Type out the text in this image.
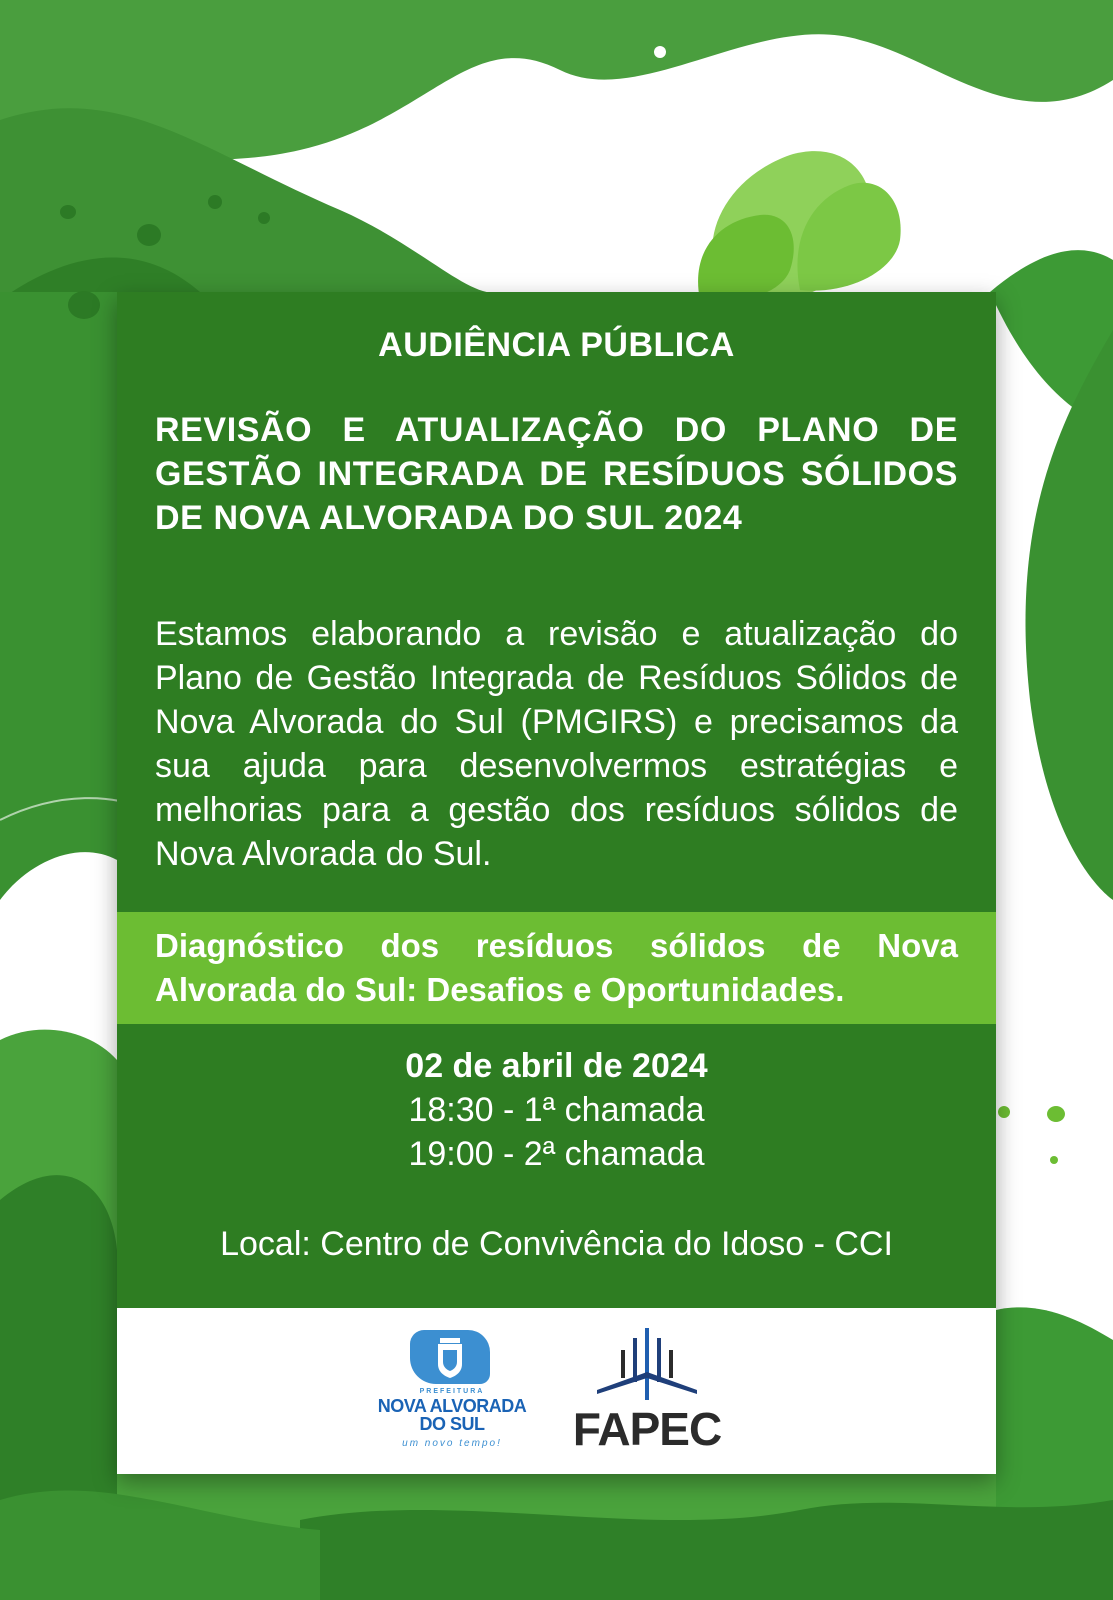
AUDIÊNCIA PÚBLICA
REVISÃO E ATUALIZAÇÃO DO PLANO DE GESTÃO INTEGRADA DE RESÍDUOS SÓLIDOS DE NOVA ALVORADA DO SUL 2024
Estamos elaborando a revisão e atualização do Plano de Gestão Integrada de Resíduos Sólidos de Nova Alvorada do Sul (PMGIRS) e precisamos da sua ajuda para desenvolvermos estratégias e melhorias para a gestão dos resíduos sólidos de Nova Alvorada do Sul.
Diagnóstico dos resíduos sólidos de Nova Alvorada do Sul: Desafios e Oportunidades.
02 de abril de 2024
18:30 - 1ª chamada
19:00 - 2ª chamada
Local: Centro de Convivência do Idoso - CCI
PREFEITURA
NOVA ALVORADA
DO SUL
um novo tempo!	FAPEC
